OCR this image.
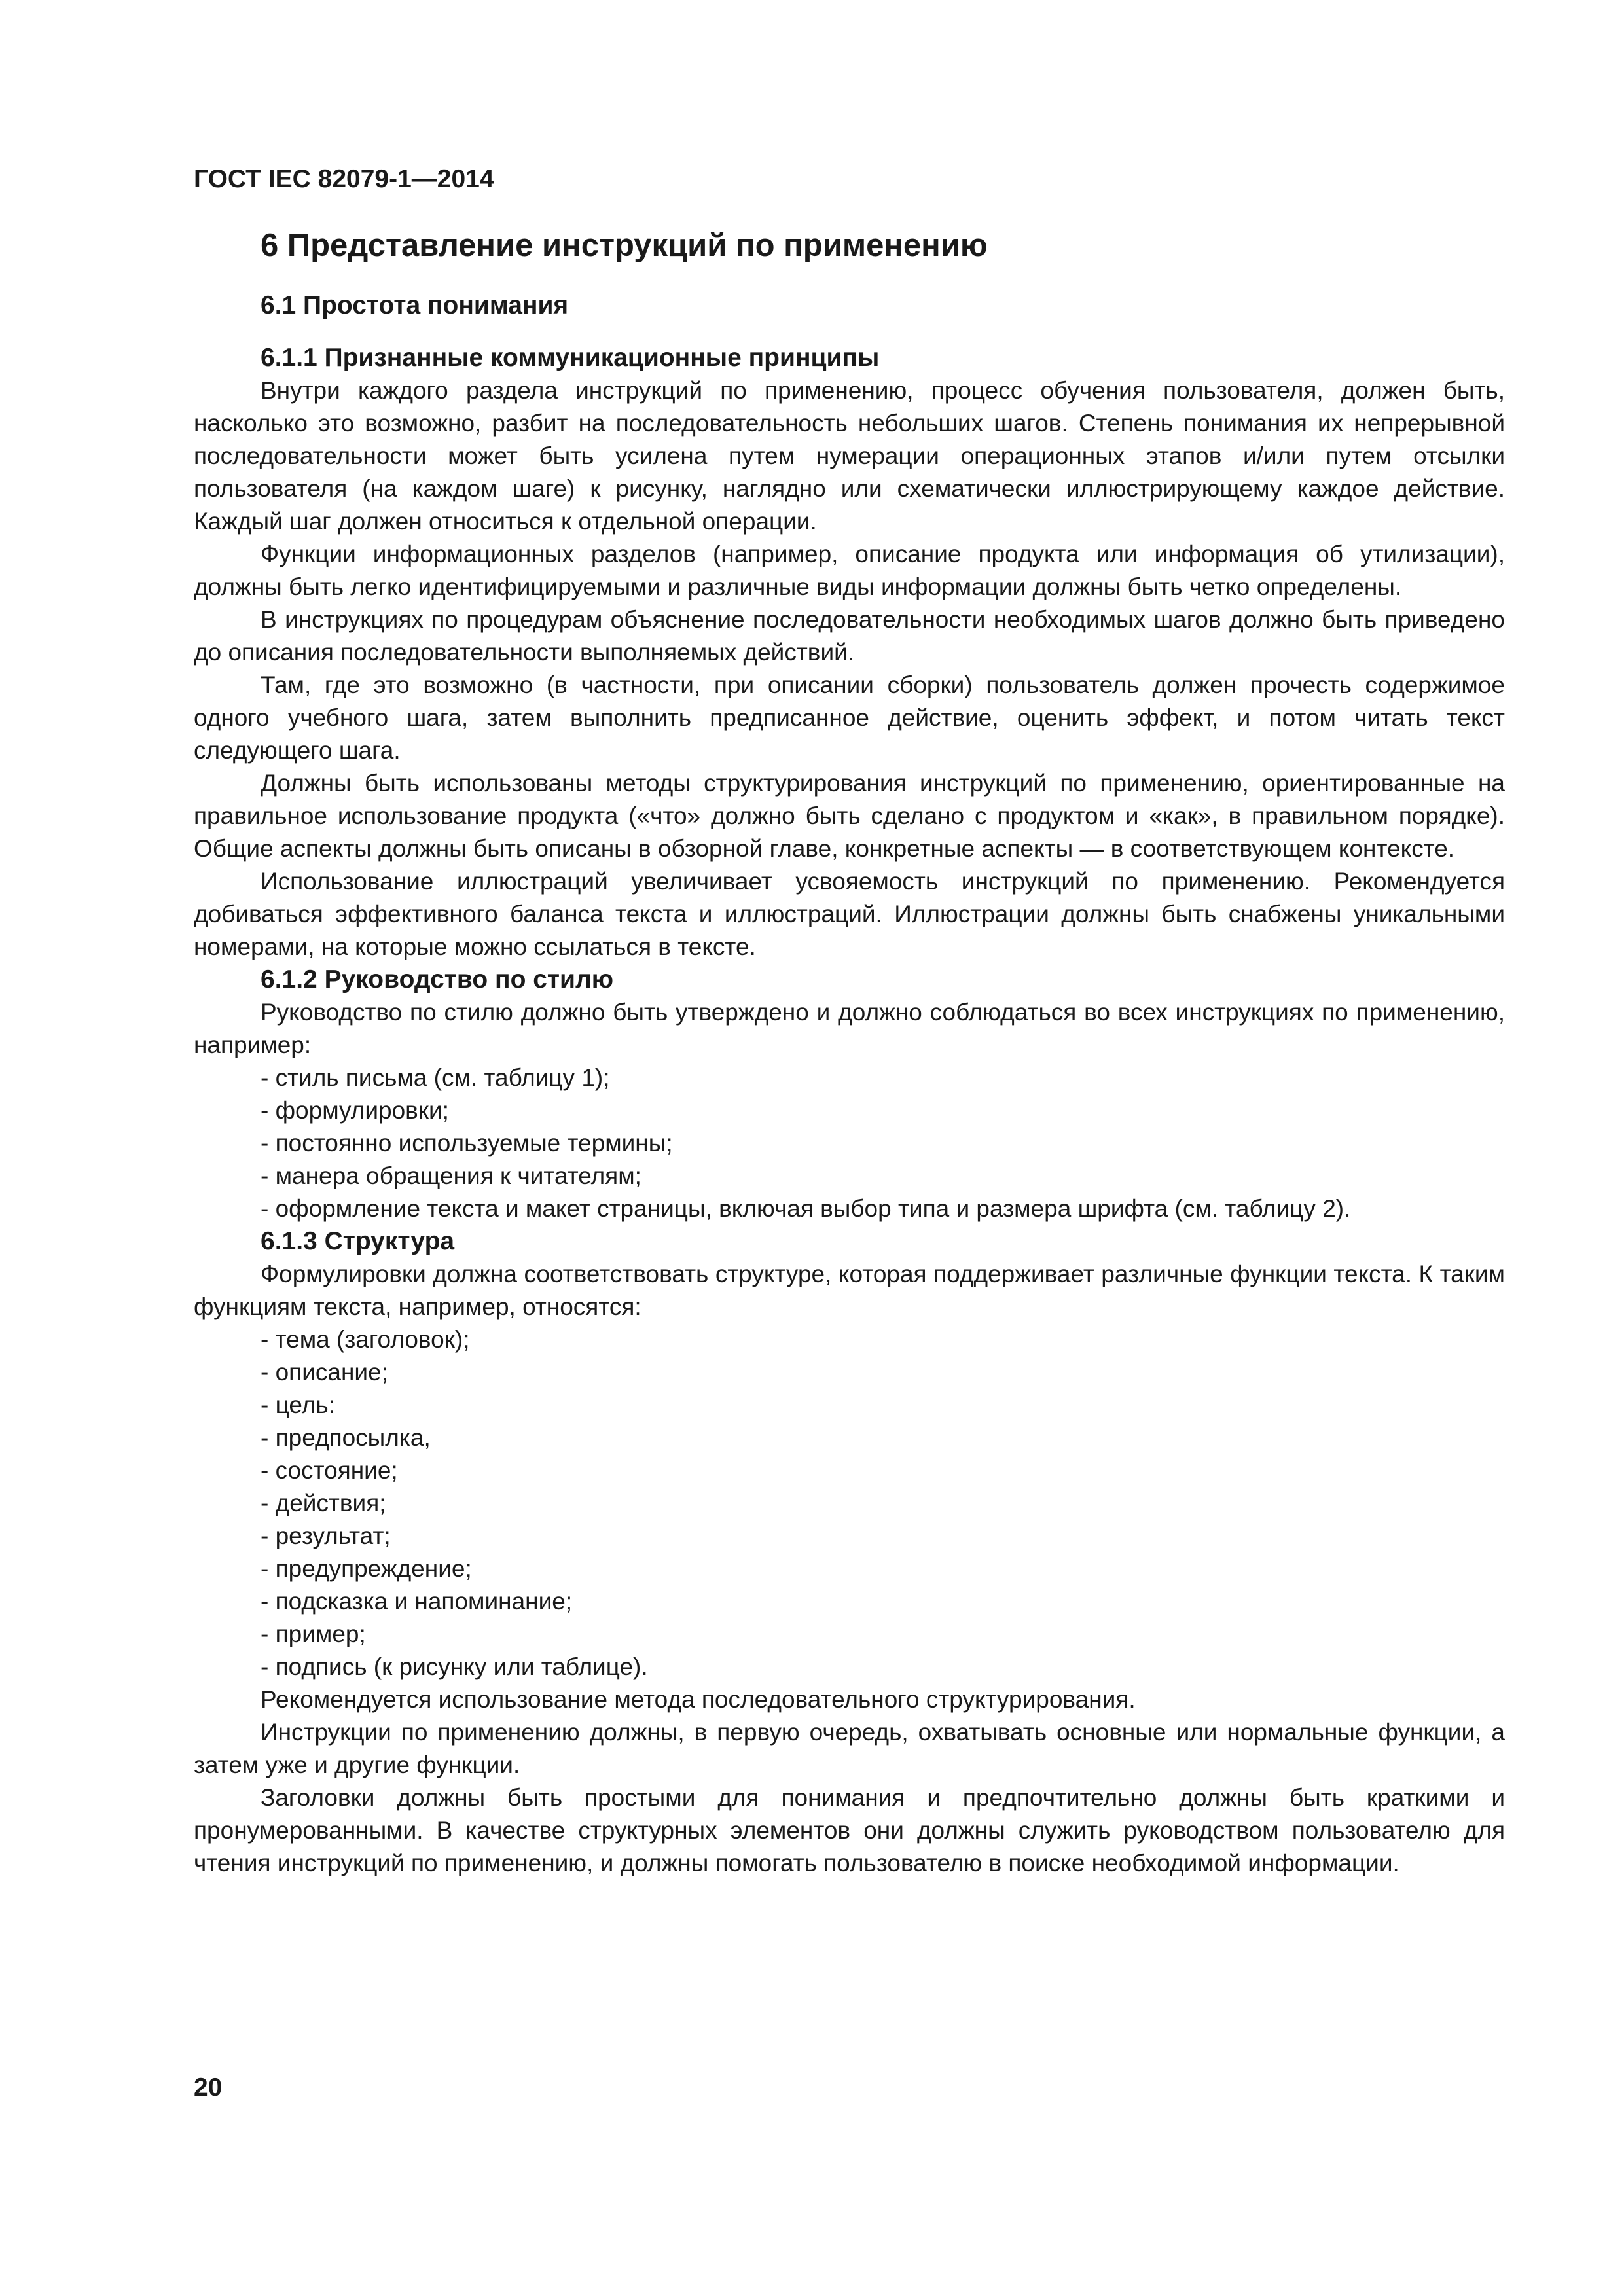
ГОСТ IEC 82079-1—2014

6 Представление инструкций по применению
6.1 Простота понимания
6.1.1 Признанные коммуникационные принципы

Внутри каждого раздела инструкций по применению, процесс обучения пользователя, должен быть, насколько это возможно, разбит на последовательность небольших шагов. Степень понимания их непрерывной последовательности может быть усилена путем нумерации операционных этапов и/или путем отсылки пользователя (на каждом шаге) к рисунку, наглядно или схематически иллюстрирующему каждое действие. Каждый шаг должен относиться к отдельной операции.

Функции информационных разделов (например, описание продукта или информация об утилизации), должны быть легко идентифицируемыми и различные виды информации должны быть четко определены.

В инструкциях по процедурам объяснение последовательности необходимых шагов должно быть приведено до описания последовательности выполняемых действий.

Там, где это возможно (в частности, при описании сборки) пользователь должен прочесть содержимое одного учебного шага, затем выполнить предписанное действие, оценить эффект, и потом читать текст следующего шага.

Должны быть использованы методы структурирования инструкций по применению, ориентированные на правильное использование продукта («что» должно быть сделано с продуктом и «как», в правильном порядке). Общие аспекты должны быть описаны в обзорной главе, конкретные аспекты — в соответствующем контексте.

Использование иллюстраций увеличивает усвояемость инструкций по применению. Рекомендуется добиваться эффективного баланса текста и иллюстраций. Иллюстрации должны быть снабжены уникальными номерами, на которые можно ссылаться в тексте.

6.1.2 Руководство по стилю

Руководство по стилю должно быть утверждено и должно соблюдаться во всех инструкциях по применению, например:

- стиль письма (см. таблицу 1);

- формулировки;

- постоянно используемые термины;

- манера обращения к читателям;

- оформление текста и макет страницы, включая выбор типа и размера шрифта (см. таблицу 2).

6.1.3 Структура

Формулировки должна соответствовать структуре, которая поддерживает различные функции текста. К таким функциям текста, например, относятся:

- тема (заголовок);

- описание;

- цель:

- предпосылка,

- состояние;

- действия;

- результат;

- предупреждение;

- подсказка и напоминание;

- пример;

- подпись (к рисунку или таблице).

Рекомендуется использование метода последовательного структурирования.

Инструкции по применению должны, в первую очередь, охватывать основные или нормальные функции, а затем уже и другие функции.

Заголовки должны быть простыми для понимания и предпочтительно должны быть краткими и пронумерованными. В качестве структурных элементов они должны служить руководством пользователю для чтения инструкций по применению, и должны помогать пользователю в поиске необходимой информации.

20
